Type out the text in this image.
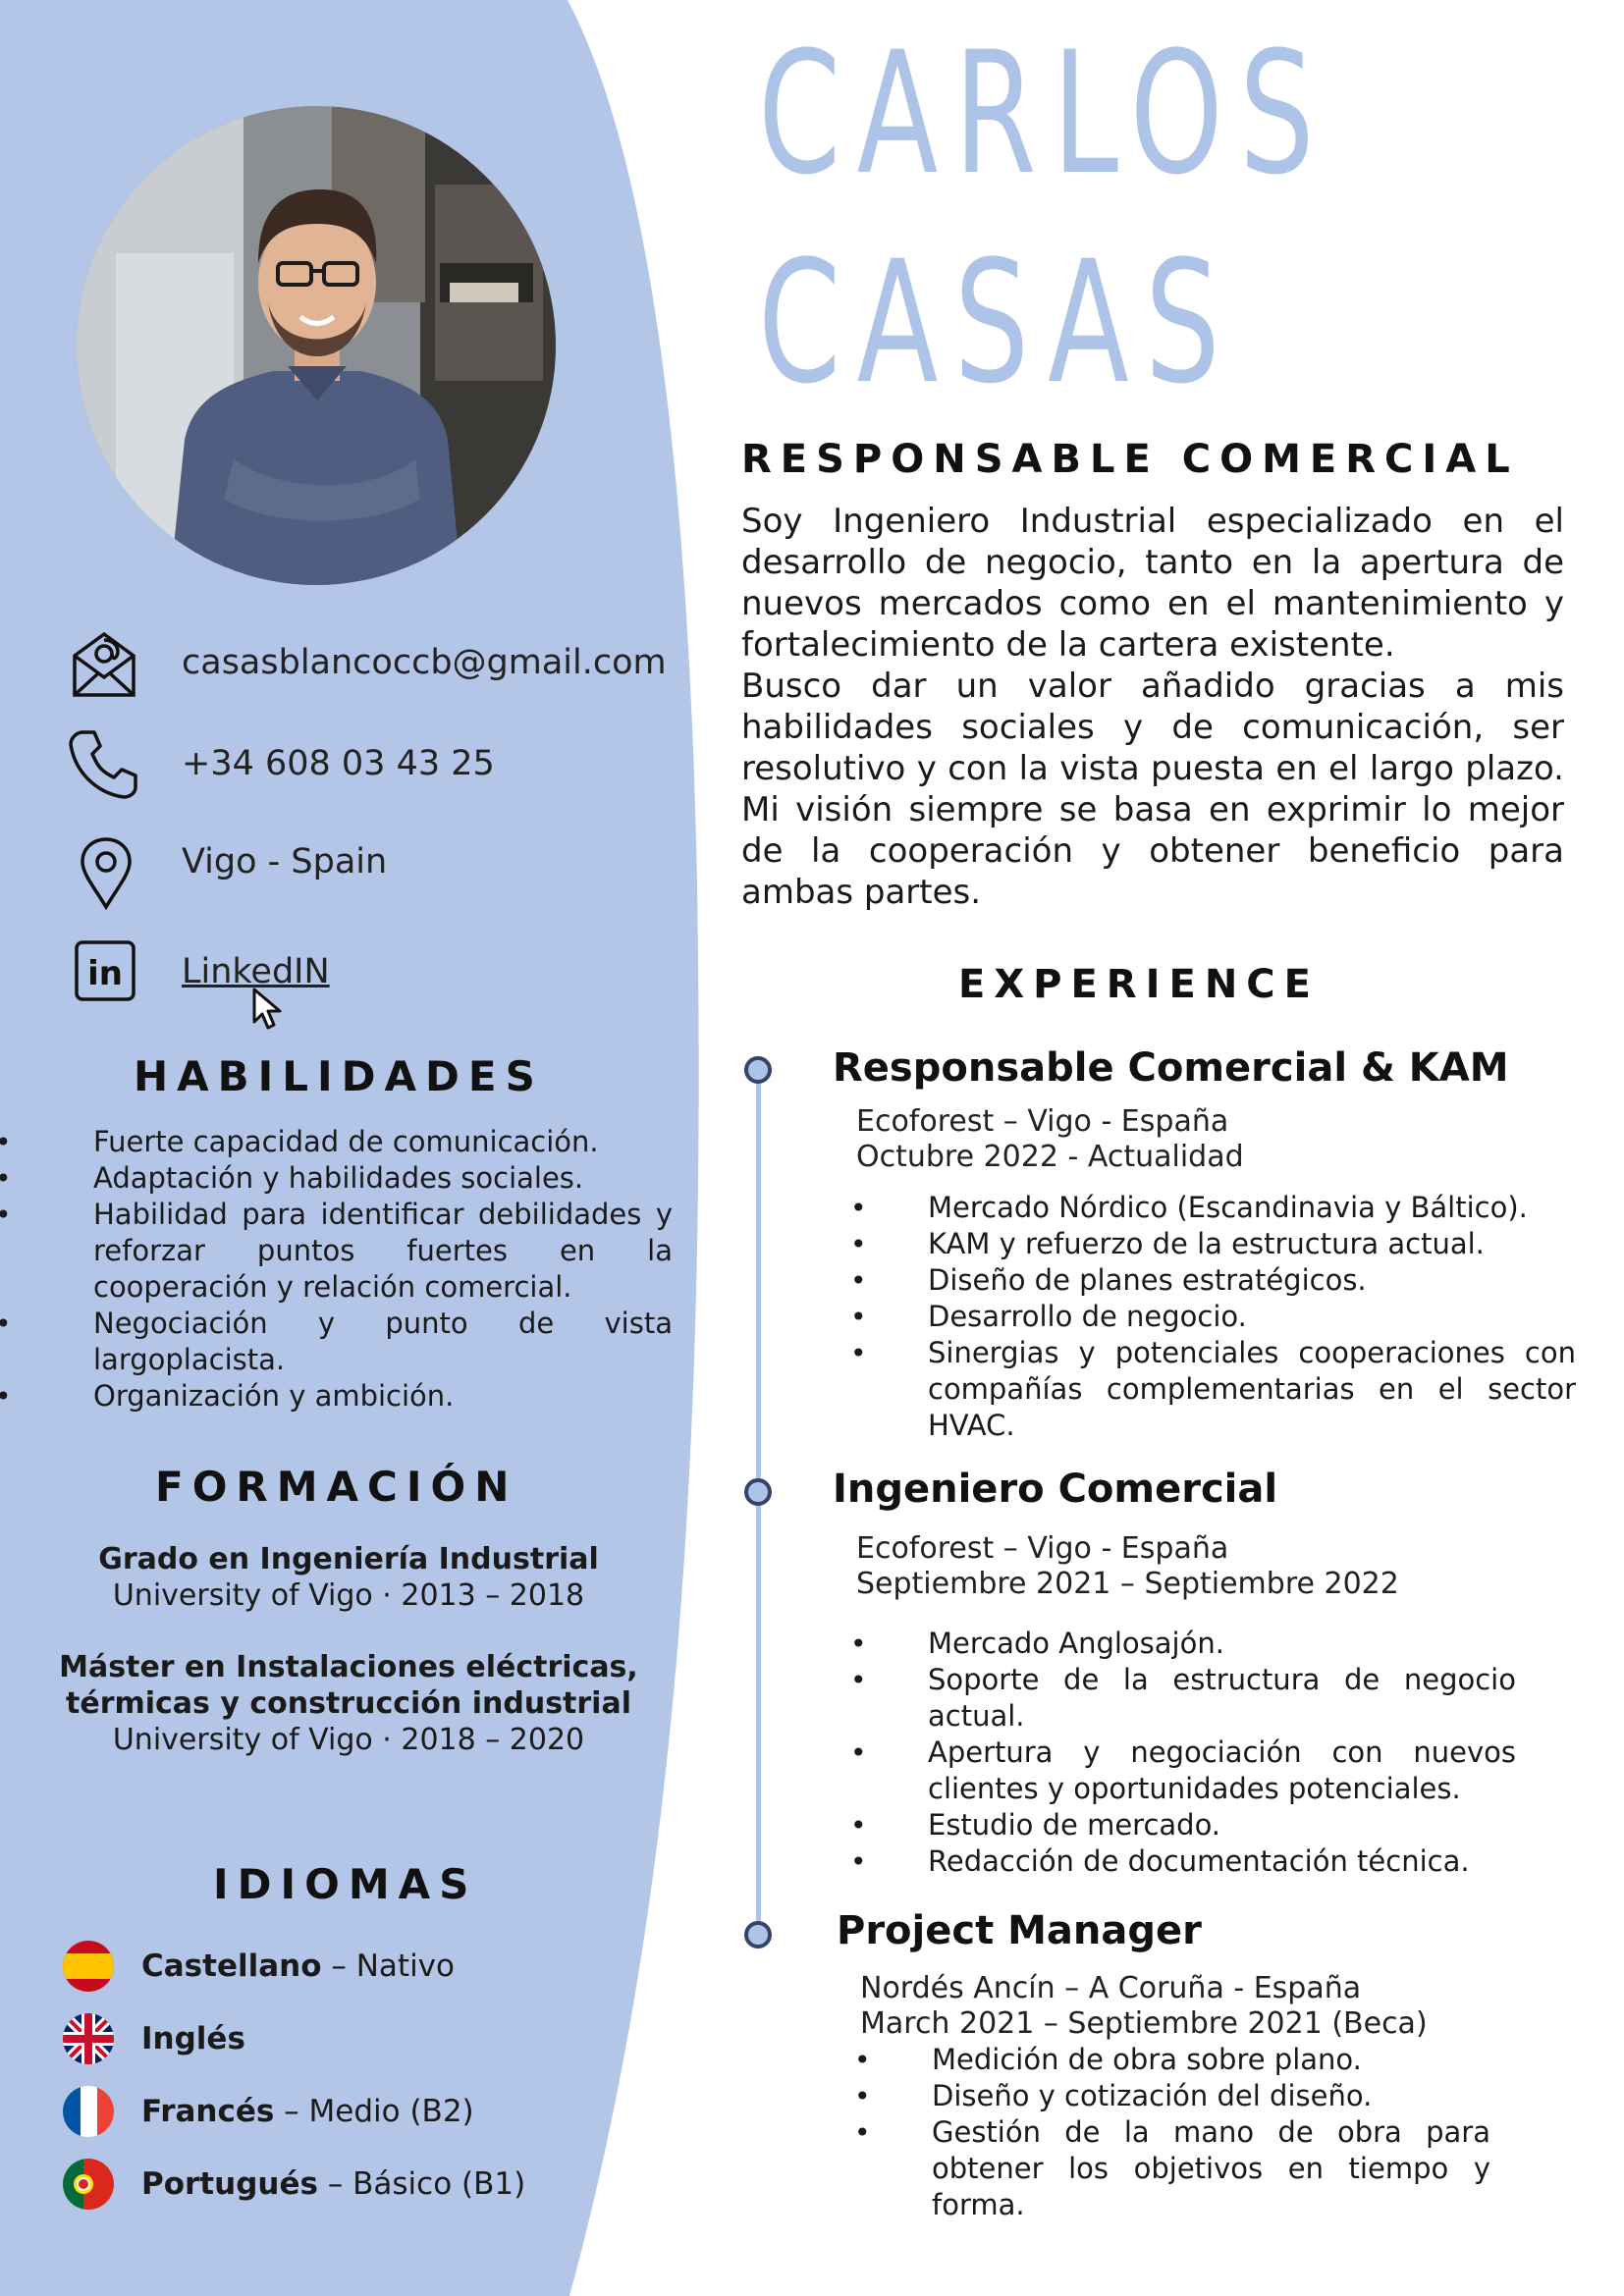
casasblancoccb@gmail.com
+34 608 03 43 25
Vigo - Spain
in LinkedIN
HABILIDADES
• Fuerte capacidad de comunicación.
• Adaptación y habilidades sociales.
• Habilidad para identificar debilidades y reforzar puntos fuertes en la cooperación y relación comercial.
• Negociación y punto de vista largoplacista.
• Organización y ambición.
FORMACIÓN
Grado en Ingeniería Industrial
University of Vigo · 2013 – 2018
Máster en Instalaciones eléctricas,
térmicas y construcción industrial
University of Vigo · 2018 – 2020
IDIOMAS
Castellano – Nativo
Inglés
Francés – Medio (B2)
Portugués – Básico (B1)
CARLOS
CASAS
RESPONSABLE COMERCIAL
Soy Ingeniero Industrial especializado en el desarrollo de negocio, tanto en la apertura de nuevos mercados como en el mantenimiento y fortalecimiento de la cartera existente.
Busco dar un valor añadido gracias a mis habilidades sociales y de comunicación, ser resolutivo y con la vista puesta en el largo plazo. Mi visión siempre se basa en exprimir lo mejor de la cooperación y obtener beneficio para ambas partes.
EXPERIENCE
Responsable Comercial & KAM
Ecoforest – Vigo - España
Octubre 2022 - Actualidad
• Mercado Nórdico (Escandinavia y Báltico).
• KAM y refuerzo de la estructura actual.
• Diseño de planes estratégicos.
• Desarrollo de negocio.
• Sinergias y potenciales cooperaciones con compañías complementarias en el sector HVAC.
Ingeniero Comercial
Ecoforest – Vigo - España
Septiembre 2021 – Septiembre 2022
• Mercado Anglosajón.
• Soporte de la estructura de negocio actual.
• Apertura y negociación con nuevos clientes y oportunidades potenciales.
• Estudio de mercado.
• Redacción de documentación técnica.
Project Manager
Nordés Ancín – A Coruña - España
March 2021 – Septiembre 2021 (Beca)
• Medición de obra sobre plano.
• Diseño y cotización del diseño.
• Gestión de la mano de obra para obtener los objetivos en tiempo y forma.
